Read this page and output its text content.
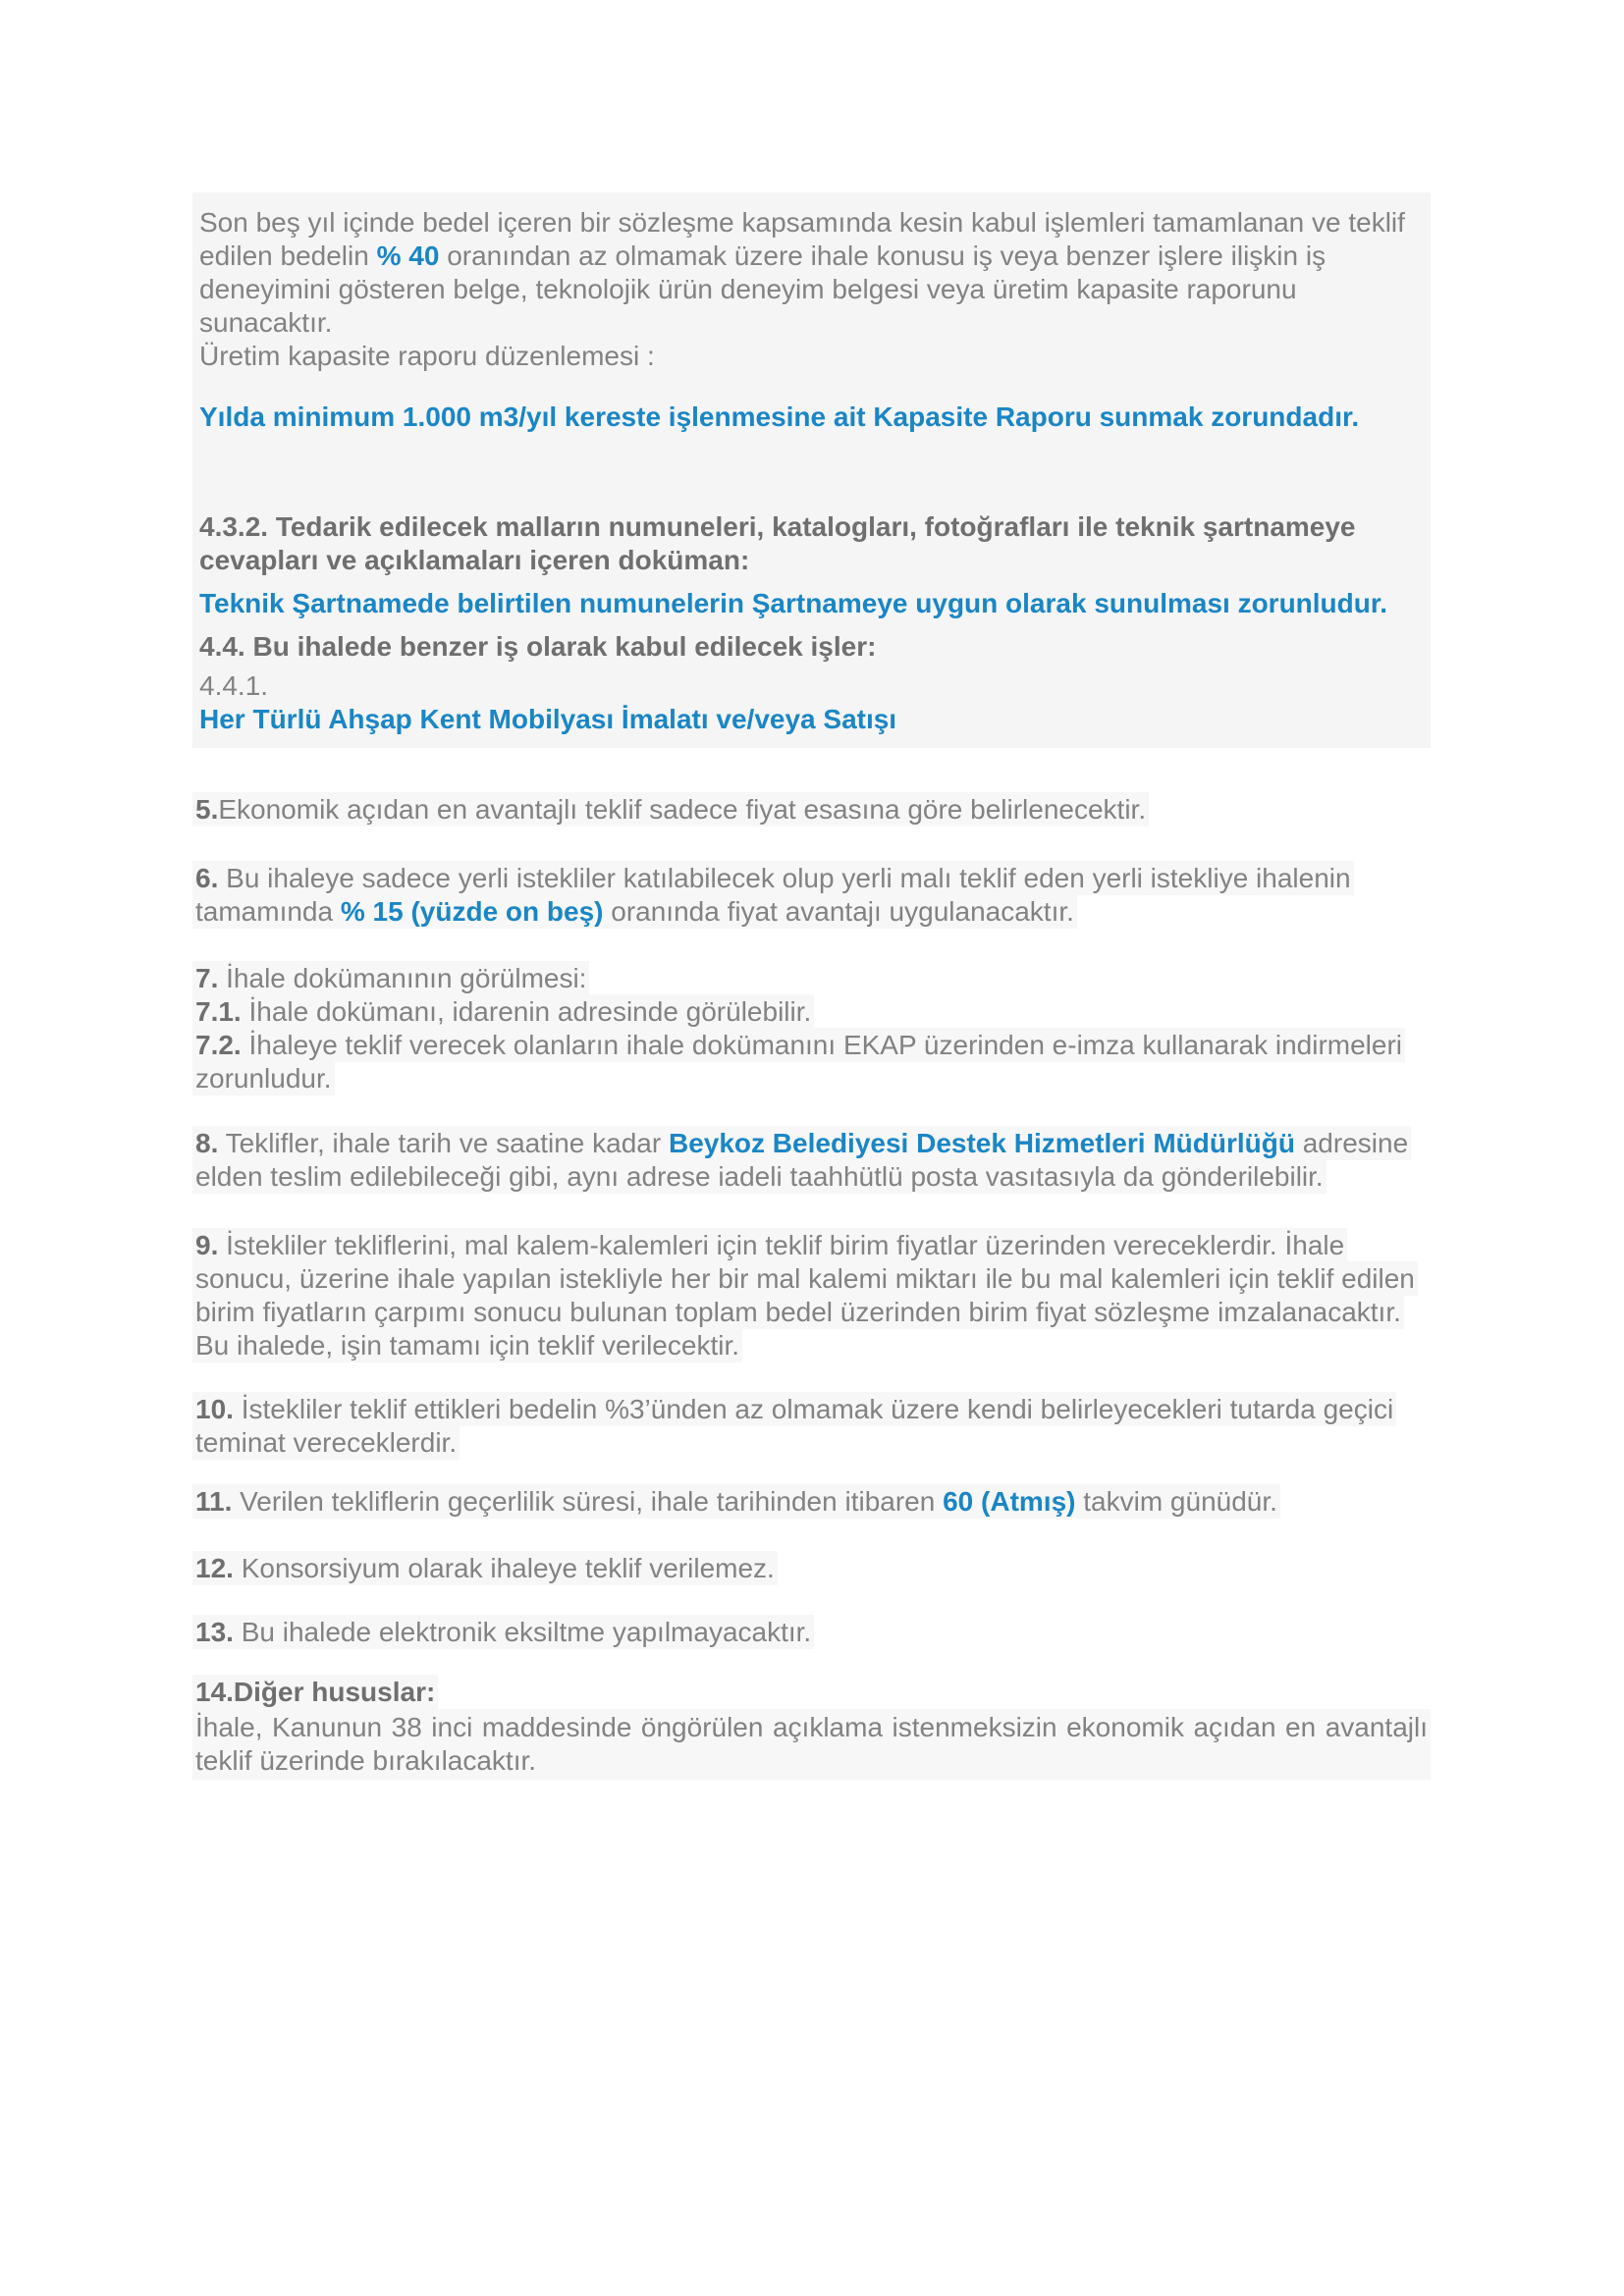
Son beş yıl içinde bedel içeren bir sözleşme kapsamında kesin kabul işlemleri tamamlanan ve teklif edilen bedelin % 40 oranından az olmamak üzere ihale konusu iş veya benzer işlere ilişkin iş deneyimini gösteren belge, teknolojik ürün deneyim belgesi veya üretim kapasite raporunu sunacaktır.
Üretim kapasite raporu düzenlemesi :
Yılda minimum 1.000 m3/yıl kereste işlenmesine ait Kapasite Raporu sunmak zorundadır.
4.3.2. Tedarik edilecek malların numuneleri, katalogları, fotoğrafları ile teknik şartnameye cevapları ve açıklamaları içeren doküman:
Teknik Şartnamede belirtilen numunelerin Şartnameye uygun olarak sunulması zorunludur.
4.4. Bu ihalede benzer iş olarak kabul edilecek işler:
4.4.1.
Her Türlü Ahşap Kent Mobilyası İmalatı ve/veya Satışı
5.Ekonomik açıdan en avantajlı teklif sadece fiyat esasına göre belirlenecektir.
6. Bu ihaleye sadece yerli istekliler katılabilecek olup yerli malı teklif eden yerli istekliye ihalenin tamamında % 15 (yüzde on beş) oranında fiyat avantajı uygulanacaktır.
7. İhale dokümanının görülmesi:
7.1. İhale dokümanı, idarenin adresinde görülebilir.
7.2. İhaleye teklif verecek olanların ihale dokümanını EKAP üzerinden e-imza kullanarak indirmeleri zorunludur.
8. Teklifler, ihale tarih ve saatine kadar Beykoz Belediyesi Destek Hizmetleri Müdürlüğü adresine elden teslim edilebileceği gibi, aynı adrese iadeli taahhütlü posta vasıtasıyla da gönderilebilir.
9. İstekliler tekliflerini, mal kalem-kalemleri için teklif birim fiyatlar üzerinden vereceklerdir. İhale sonucu, üzerine ihale yapılan istekliyle her bir mal kalemi miktarı ile bu mal kalemleri için teklif edilen birim fiyatların çarpımı sonucu bulunan toplam bedel üzerinden birim fiyat sözleşme imzalanacaktır. Bu ihalede, işin tamamı için teklif verilecektir.
10. İstekliler teklif ettikleri bedelin %3’ünden az olmamak üzere kendi belirleyecekleri tutarda geçici teminat vereceklerdir.
11. Verilen tekliflerin geçerlilik süresi, ihale tarihinden itibaren 60 (Atmış) takvim günüdür.
12. Konsorsiyum olarak ihaleye teklif verilemez.
13. Bu ihalede elektronik eksiltme yapılmayacaktır.
14.Diğer hususlar:
İhale, Kanunun 38 inci maddesinde öngörülen açıklama istenmeksizin ekonomik açıdan en avantajlı teklif üzerinde bırakılacaktır.
